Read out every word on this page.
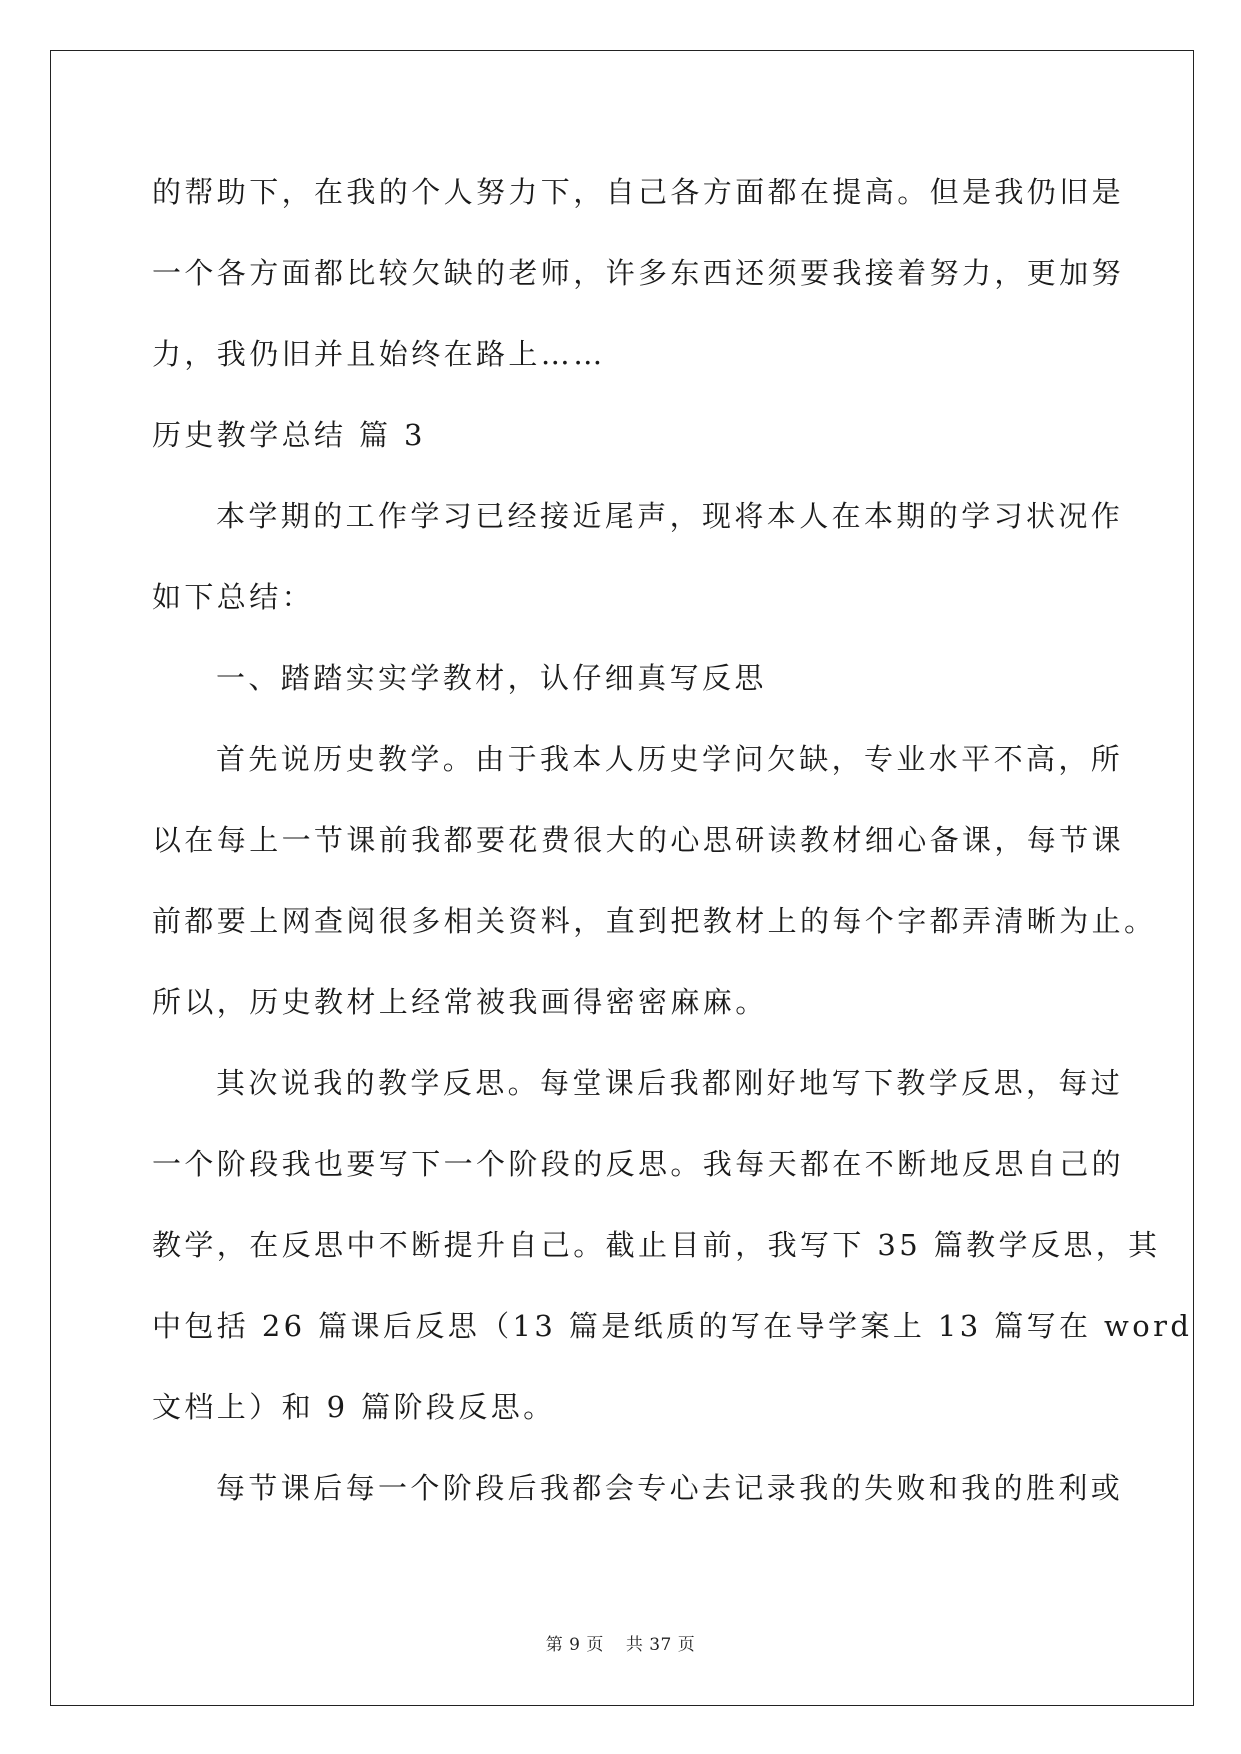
的帮助下，在我的个人努力下，自己各方面都在提高。但是我仍旧是
一个各方面都比较欠缺的老师，许多东西还须要我接着努力，更加努
力，我仍旧并且始终在路上……
历史教学总结 篇 3
本学期的工作学习已经接近尾声，现将本人在本期的学习状况作
如下总结：
一、踏踏实实学教材，认仔细真写反思
首先说历史教学。由于我本人历史学问欠缺，专业水平不高，所
以在每上一节课前我都要花费很大的心思研读教材细心备课，每节课
前都要上网查阅很多相关资料，直到把教材上的每个字都弄清晰为止。
所以，历史教材上经常被我画得密密麻麻。
其次说我的教学反思。每堂课后我都刚好地写下教学反思，每过
一个阶段我也要写下一个阶段的反思。我每天都在不断地反思自己的
教学，在反思中不断提升自己。截止目前，我写下 35 篇教学反思，其
中包括 26 篇课后反思（13 篇是纸质的写在导学案上 13 篇写在 word
文档上）和 9 篇阶段反思。
每节课后每一个阶段后我都会专心去记录我的失败和我的胜利或
第 9 页 共 37 页
